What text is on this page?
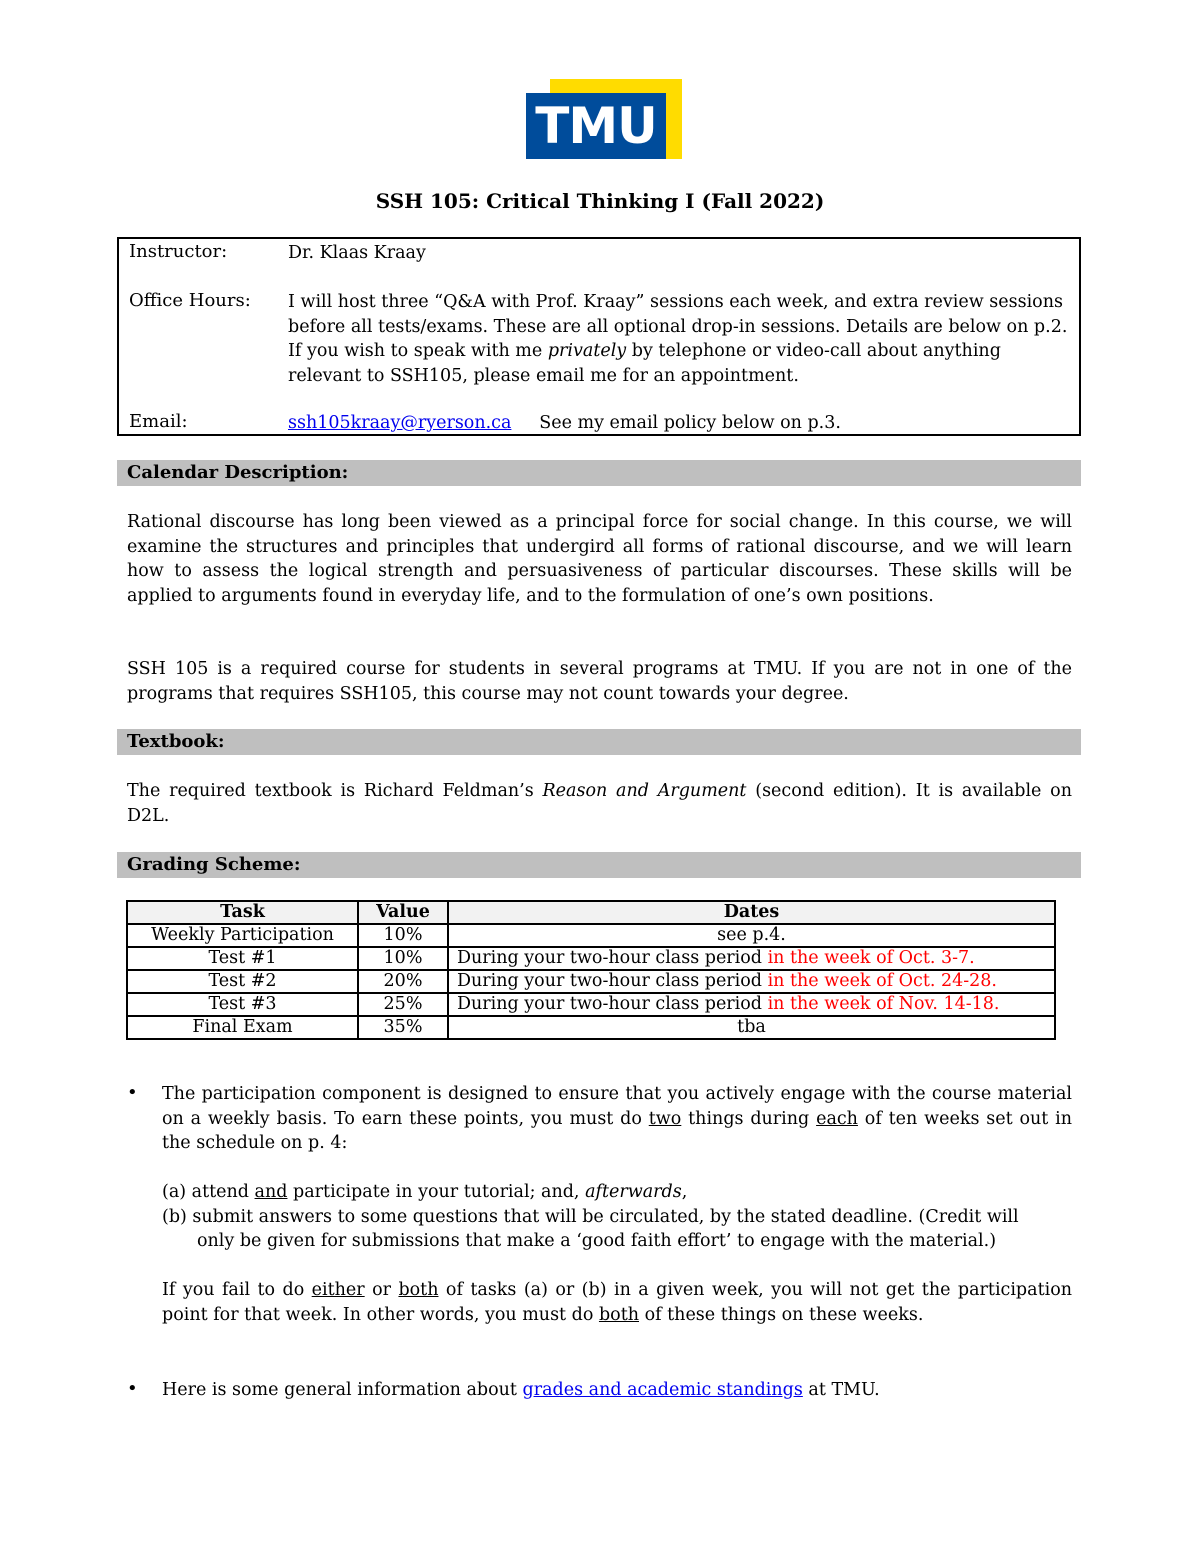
TMU
SSH 105: Critical Thinking I (Fall 2022)
Instructor:	Dr. Klaas Kraay
Office Hours: I will host three “Q&A with Prof. Kraay” sessions each week, and extra review sessions before all tests/exams. These are all optional drop-in sessions. Details are below on p.2. If you wish to speak with me privately by telephone or video-call about anything relevant to SSH105, please email me for an appointment.
Email:	ssh105kraay@ryerson.ca See my email policy below on p.3.
Calendar Description:
Rational discourse has long been viewed as a principal force for social change. In this course, we will examine the structures and principles that undergird all forms of rational discourse, and we will learn how to assess the logical strength and persuasiveness of particular discourses. These skills will be applied to arguments found in everyday life, and to the formulation of one’s own positions.
SSH 105 is a required course for students in several programs at TMU. If you are not in one of the programs that requires SSH105, this course may not count towards your degree.
Textbook:
The required textbook is Richard Feldman’s Reason and Argument (second edition). It is available on D2L.
Grading Scheme:
Task	Value	Dates
Weekly Participation	10%	see p.4.
Test #1	10%	During your two-hour class period in the week of Oct. 3-7.
Test #2	20%	During your two-hour class period in the week of Oct. 24-28.
Test #3	25%	During your two-hour class period in the week of Nov. 14-18.
Final Exam	35%	tba
• The participation component is designed to ensure that you actively engage with the course material on a weekly basis. To earn these points, you must do two things during each of ten weeks set out in the schedule on p. 4:
(a) attend and participate in your tutorial; and, afterwards,
(b) submit answers to some questions that will be circulated, by the stated deadline. (Credit will
only be given for submissions that make a ‘good faith effort’ to engage with the material.)
If you fail to do either or both of tasks (a) or (b) in a given week, you will not get the participation point for that week. In other words, you must do both of these things on these weeks.
• Here is some general information about grades and academic standings at TMU.
